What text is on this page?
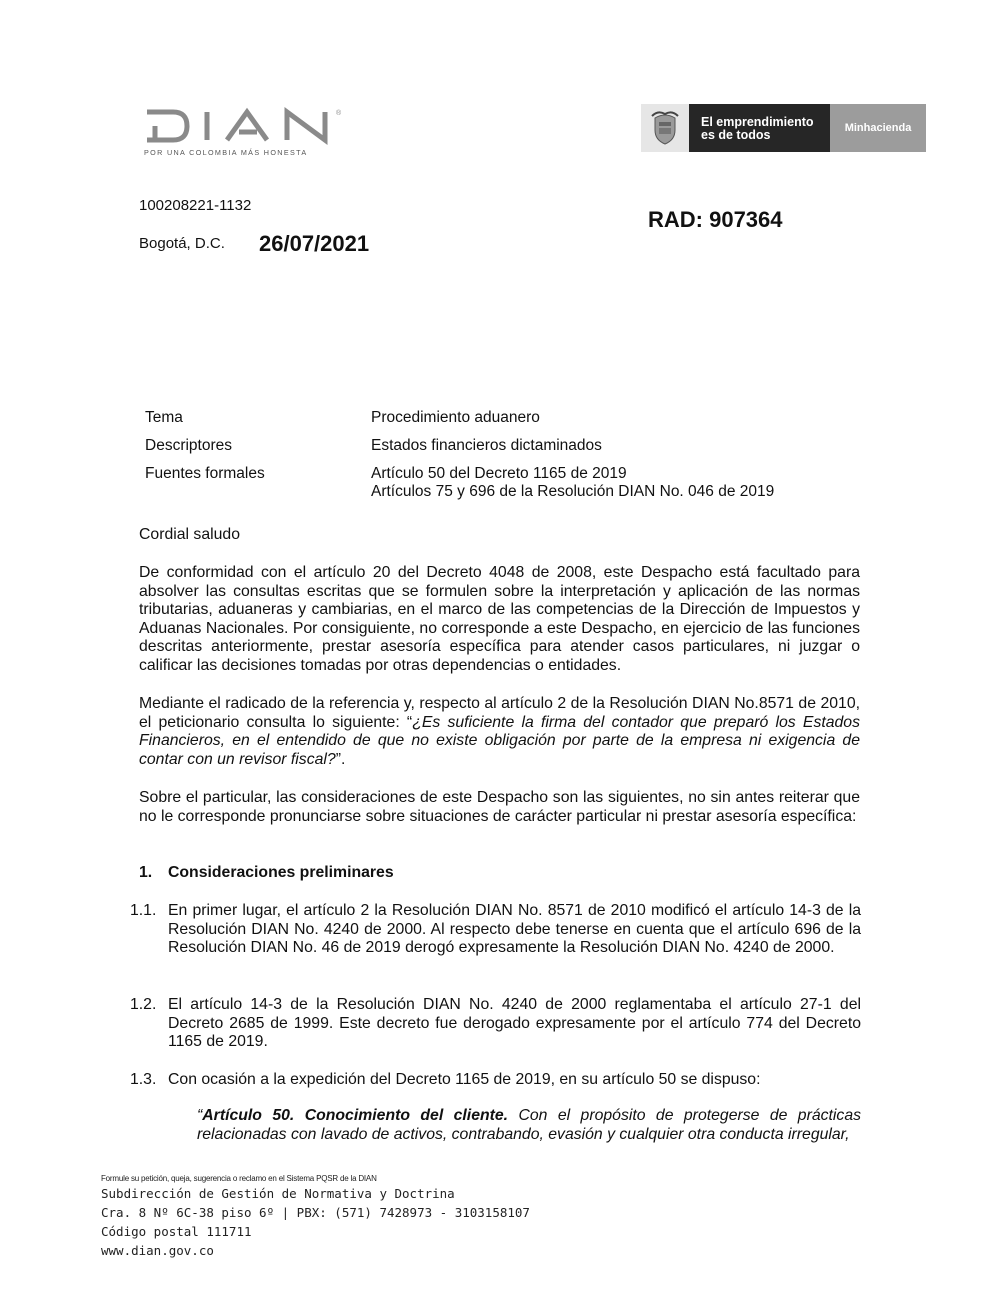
®
POR UNA COLOMBIA MÁS HONESTA
El emprendimiento
es de todos	Minhacienda
100208221-1132
RAD: 907364
Bogotá, D.C. 26/07/2021
Tema	Procedimiento aduanero
Descriptores	Estados financieros dictaminados
Fuentes formales	Artículo 50 del Decreto 1165 de 2019
Artículos 75 y 696 de la Resolución DIAN No. 046 de 2019
Cordial saludo
De conformidad con el artículo 20 del Decreto 4048 de 2008, este Despacho está facultado para absolver las consultas escritas que se formulen sobre la interpretación y aplicación de las normas tributarias, aduaneras y cambiarias, en el marco de las competencias de la Dirección de Impuestos y Aduanas Nacionales. Por consiguiente, no corresponde a este Despacho, en ejercicio de las funciones descritas anteriormente, prestar asesoría específica para atender casos particulares, ni juzgar o calificar las decisiones tomadas por otras dependencias o entidades.
Mediante el radicado de la referencia y, respecto al artículo 2 de la Resolución DIAN No.8571 de 2010, el peticionario consulta lo siguiente: “¿Es suficiente la firma del contador que preparó los Estados Financieros, en el entendido de que no existe obligación por parte de la empresa ni exigencia de contar con un revisor fiscal?”.
Sobre el particular, las consideraciones de este Despacho son las siguientes, no sin antes reiterar que no le corresponde pronunciarse sobre situaciones de carácter particular ni prestar asesoría específica:
1. Consideraciones preliminares
1.1. En primer lugar, el artículo 2 la Resolución DIAN No. 8571 de 2010 modificó el artículo 14-3 de la Resolución DIAN No. 4240 de 2000. Al respecto debe tenerse en cuenta que el artículo 696 de la Resolución DIAN No. 46 de 2019 derogó expresamente la Resolución DIAN No. 4240 de 2000.
1.2. El artículo 14-3 de la Resolución DIAN No. 4240 de 2000 reglamentaba el artículo 27-1 del Decreto 2685 de 1999. Este decreto fue derogado expresamente por el artículo 774 del Decreto 1165 de 2019.
1.3. Con ocasión a la expedición del Decreto 1165 de 2019, en su artículo 50 se dispuso:
“Artículo 50. Conocimiento del cliente. Con el propósito de protegerse de prácticas relacionadas con lavado de activos, contrabando, evasión y cualquier otra conducta irregular,
Formule su petición, queja, sugerencia o reclamo en el Sistema PQSR de la DIAN
Subdirección de Gestión de Normativa y Doctrina
Cra. 8 Nº 6C-38 piso 6º | PBX: (571) 7428973 - 3103158107
Código postal 111711
www.dian.gov.co
